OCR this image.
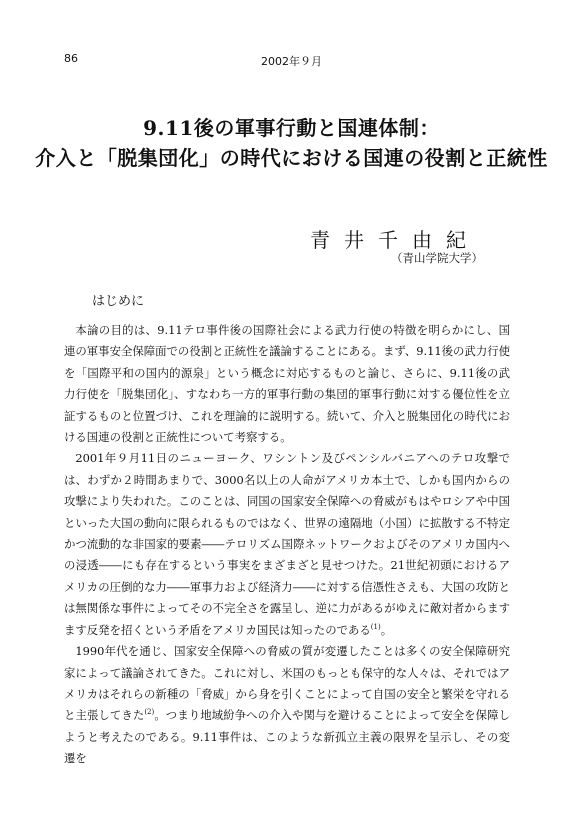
86	2002年９月
9.11後の軍事行動と国連体制：
介入と「脱集団化」の時代における国連の役割と正統性
青井千由紀
（青山学院大学）
はじめに

本論の目的は、9.11テロ事件後の国際社会による武力行使の特徴を明らかにし、国連の軍事安全保障面での役割と正統性を議論することにある。まず、9.11後の武力行使を「国際平和の国内的源泉」という概念に対応するものと論じ、さらに、9.11後の武力行使を「脱集団化」、すなわち一方的軍事行動の集団的軍事行動に対する優位性を立証するものと位置づけ、これを理論的に説明する。続いて、介入と脱集団化の時代における国連の役割と正統性について考察する。

2001年９月11日のニューヨーク、ワシントン及びペンシルバニアへのテロ攻撃では、わずか２時間あまりで、3000名以上の人命がアメリカ本土で、しかも国内からの攻撃により失われた。このことは、同国の国家安全保障への脅威がもはやロシアや中国といった大国の動向に限られるものではなく、世界の遠隔地（小国）に拡散する不特定かつ流動的な非国家的要素――テロリズム国際ネットワークおよびそのアメリカ国内への浸透――にも存在するという事実をまざまざと見せつけた。21世紀初頭におけるアメリカの圧倒的な力――軍事力および経済力――に対する信憑性さえも、大国の攻防とは無関係な事件によってその不完全さを露呈し、逆に力があるがゆえに敵対者からますます反発を招くという矛盾をアメリカ国民は知ったのである$^{(1)}$。

1990年代を通じ、国家安全保障への脅威の質が変遷したことは多くの安全保障研究家によって議論されてきた。これに対し、米国のもっとも保守的な人々は、それではアメリカはそれらの新種の「脅威」から身を引くことによって自国の安全と繁栄を守れると主張してきた$^{(2)}$。つまり地域紛争への介入や関与を避けることによって安全を保障しようと考えたのである。9.11事件は、このような新孤立主義の限界を呈示し、その変遷を
